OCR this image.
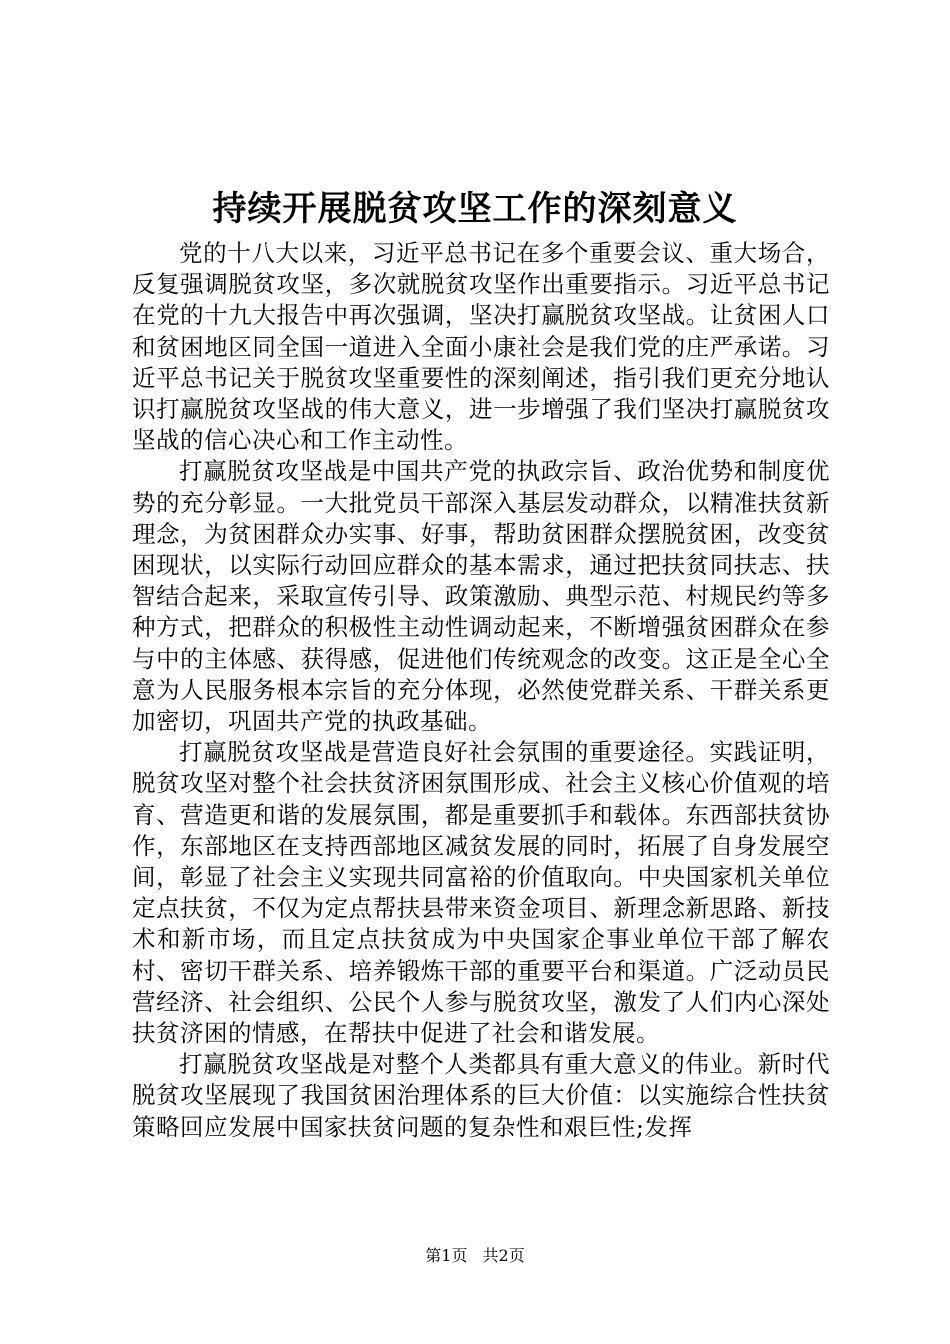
持续开展脱贫攻坚工作的深刻意义

党的十八大以来，习近平总书记在多个重要会议、重大场合，反复强调脱贫攻坚，多次就脱贫攻坚作出重要指示。习近平总书记在党的十九大报告中再次强调，坚决打赢脱贫攻坚战。让贫困人口和贫困地区同全国一道进入全面小康社会是我们党的庄严承诺。习近平总书记关于脱贫攻坚重要性的深刻阐述，指引我们更充分地认识打赢脱贫攻坚战的伟大意义，进一步增强了我们坚决打赢脱贫攻坚战的信心决心和工作主动性。

打赢脱贫攻坚战是中国共产党的执政宗旨、政治优势和制度优势的充分彰显。一大批党员干部深入基层发动群众，以精准扶贫新理念，为贫困群众办实事、好事，帮助贫困群众摆脱贫困，改变贫困现状，以实际行动回应群众的基本需求，通过把扶贫同扶志、扶智结合起来，采取宣传引导、政策激励、典型示范、村规民约等多种方式，把群众的积极性主动性调动起来，不断增强贫困群众在参与中的主体感、获得感，促进他们传统观念的改变。这正是全心全意为人民服务根本宗旨的充分体现，必然使党群关系、干群关系更加密切，巩固共产党的执政基础。

打赢脱贫攻坚战是营造良好社会氛围的重要途径。实践证明，脱贫攻坚对整个社会扶贫济困氛围形成、社会主义核心价值观的培育、营造更和谐的发展氛围，都是重要抓手和载体。东西部扶贫协作，东部地区在支持西部地区减贫发展的同时，拓展了自身发展空间，彰显了社会主义实现共同富裕的价值取向。中央国家机关单位定点扶贫，不仅为定点帮扶县带来资金项目、新理念新思路、新技术和新市场，而且定点扶贫成为中央国家企事业单位干部了解农村、密切干群关系、培养锻炼干部的重要平台和渠道。广泛动员民营经济、社会组织、公民个人参与脱贫攻坚，激发了人们内心深处扶贫济困的情感，在帮扶中促进了社会和谐发展。

打赢脱贫攻坚战是对整个人类都具有重大意义的伟业。新时代脱贫攻坚展现了我国贫困治理体系的巨大价值：以实施综合性扶贫策略回应发展中国家扶贫问题的复杂性和艰巨性;发挥

第1页 共2页
